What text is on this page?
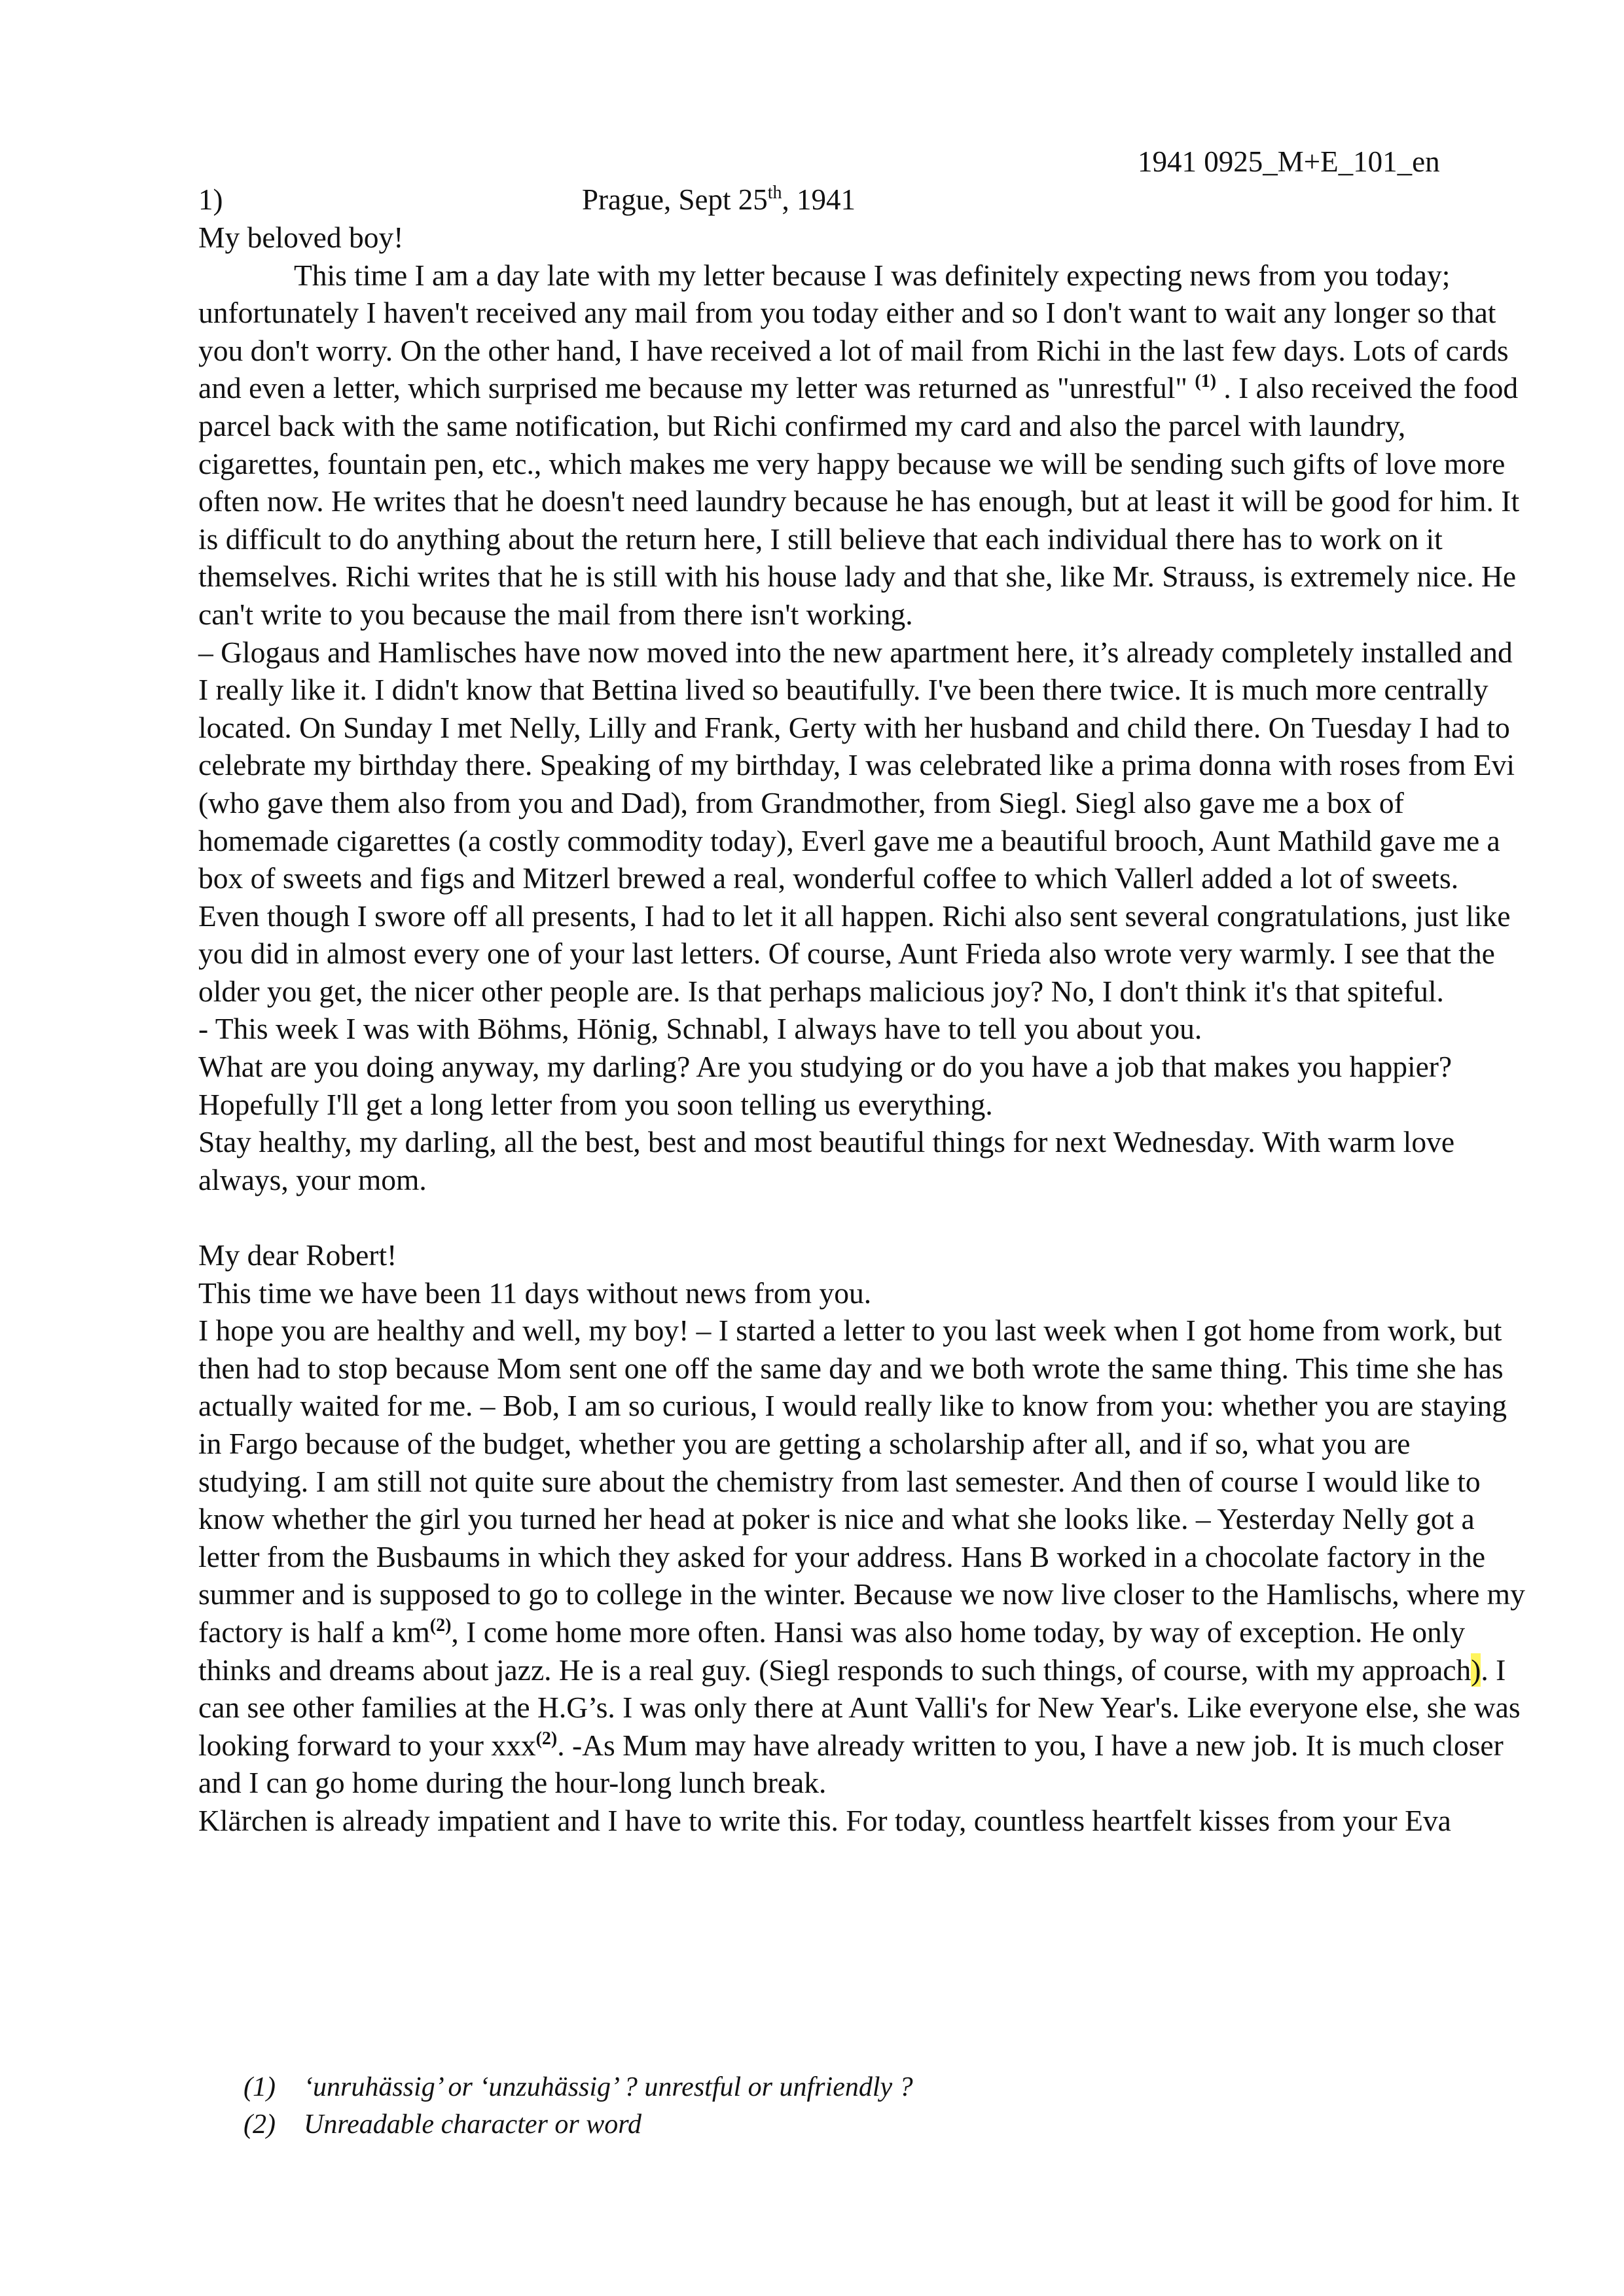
1941 0925_M+E_101_en
1)	Prague, Sept 25th, 1941

My beloved boy!

This time I am a day late with my letter because I was definitely expecting news from you today; unfortunately I haven't received any mail from you today either and so I don't want to wait any longer so that you don't worry. On the other hand, I have received a lot of mail from Richi in the last few days. Lots of cards and even a letter, which surprised me because my letter was returned as "unrestful" $^{(1)}$ . I also received the food parcel back with the same notification, but Richi confirmed my card and also the parcel with laundry, cigarettes, fountain pen, etc., which makes me very happy because we will be sending such gifts of love more often now. He writes that he doesn't need laundry because he has enough, but at least it will be good for him. It is difficult to do anything about the return here, I still believe that each individual there has to work on it themselves. Richi writes that he is still with his house lady and that she, like Mr. Strauss, is extremely nice. He can't write to you because the mail from there isn't working.

– Glogaus and Hamlisches have now moved into the new apartment here, it’s already completely installed and I really like it. I didn't know that Bettina lived so beautifully. I've been there twice. It is much more centrally located. On Sunday I met Nelly, Lilly and Frank, Gerty with her husband and child there. On Tuesday I had to celebrate my birthday there. Speaking of my birthday, I was celebrated like a prima donna with roses from Evi (who gave them also from you and Dad), from Grandmother, from Siegl. Siegl also gave me a box of homemade cigarettes (a costly commodity today), Everl gave me a beautiful brooch, Aunt Mathild gave me a box of sweets and figs and Mitzerl brewed a real, wonderful coffee to which Vallerl added a lot of sweets.

Even though I swore off all presents, I had to let it all happen. Richi also sent several congratulations, just like you did in almost every one of your last letters. Of course, Aunt Frieda also wrote very warmly. I see that the older you get, the nicer other people are. Is that perhaps malicious joy? No, I don't think it's that spiteful.

- This week I was with Böhms, Hönig, Schnabl, I always have to tell you about you.

What are you doing anyway, my darling? Are you studying or do you have a job that makes you happier? Hopefully I'll get a long letter from you soon telling us everything.

Stay healthy, my darling, all the best, best and most beautiful things for next Wednesday. With warm love always, your mom.

My dear Robert!

This time we have been 11 days without news from you.

I hope you are healthy and well, my boy! – I started a letter to you last week when I got home from work, but then had to stop because Mom sent one off the same day and we both wrote the same thing. This time she has actually waited for me. – Bob, I am so curious, I would really like to know from you: whether you are staying in Fargo because of the budget, whether you are getting a scholarship after all, and if so, what you are studying. I am still not quite sure about the chemistry from last semester. And then of course I would like to know whether the girl you turned her head at poker is nice and what she looks like. – Yesterday Nelly got a letter from the Busbaums in which they asked for your address. Hans B worked in a chocolate factory in the summer and is supposed to go to college in the winter. Because we now live closer to the Hamlischs, where my factory is half a $km^{(2)}$, I come home more often. Hansi was also home today, by way of exception. He only thinks and dreams about jazz. He is a real guy. (Siegl responds to such things, of course, with my approach). I can see other families at the H.G’s. I was only there at Aunt Valli's for New Year's. Like everyone else, she was looking forward to your xxx$^{(2)}$. -As Mum may have already written to you, I have a new job. It is much closer and I can go home during the hour-long lunch break.

Klärchen is already impatient and I have to write this. For today, countless heartfelt kisses from your Eva

(1) ‘unruhässig’ or ‘unzuhässig’ ? unrestful or unfriendly ?
(2) Unreadable character or word
